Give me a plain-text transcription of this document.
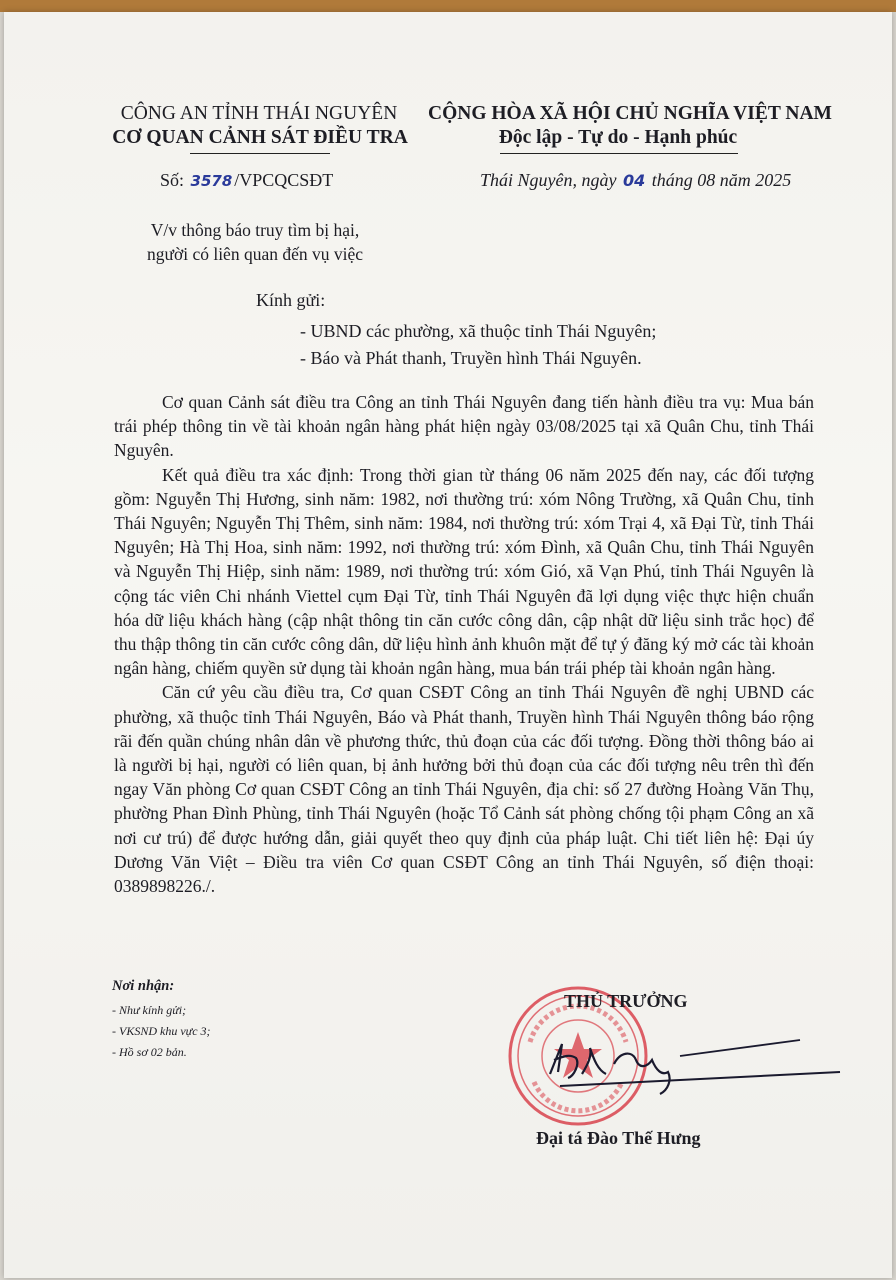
CÔNG AN TỈNH THÁI NGUYÊN
CƠ QUAN CẢNH SÁT ĐIỀU TRA
CỘNG HÒA XÃ HỘI CHỦ NGHĨA VIỆT NAM
Độc lập - Tự do - Hạnh phúc
Số: 3578 /VPCQCSĐT	Thái Nguyên, ngày 04 tháng 08 năm 2025
V/v thông báo truy tìm bị hại,
người có liên quan đến vụ việc
Kính gửi:
- UBND các phường, xã thuộc tỉnh Thái Nguyên;
- Báo và Phát thanh, Truyền hình Thái Nguyên.

Cơ quan Cảnh sát điều tra Công an tỉnh Thái Nguyên đang tiến hành điều tra vụ: Mua bán trái phép thông tin về tài khoản ngân hàng phát hiện ngày 03/08/2025 tại xã Quân Chu, tỉnh Thái Nguyên.

Kết quả điều tra xác định: Trong thời gian từ tháng 06 năm 2025 đến nay, các đối tượng gồm: Nguyễn Thị Hương, sinh năm: 1982, nơi thường trú: xóm Nông Trường, xã Quân Chu, tỉnh Thái Nguyên; Nguyễn Thị Thêm, sinh năm: 1984, nơi thường trú: xóm Trại 4, xã Đại Từ, tỉnh Thái Nguyên; Hà Thị Hoa, sinh năm: 1992, nơi thường trú: xóm Đình, xã Quân Chu, tỉnh Thái Nguyên và Nguyễn Thị Hiệp, sinh năm: 1989, nơi thường trú: xóm Gió, xã Vạn Phú, tỉnh Thái Nguyên là cộng tác viên Chi nhánh Viettel cụm Đại Từ, tỉnh Thái Nguyên đã lợi dụng việc thực hiện chuẩn hóa dữ liệu khách hàng (cập nhật thông tin căn cước công dân, cập nhật dữ liệu sinh trắc học) để thu thập thông tin căn cước công dân, dữ liệu hình ảnh khuôn mặt để tự ý đăng ký mở các tài khoản ngân hàng, chiếm quyền sử dụng tài khoản ngân hàng, mua bán trái phép tài khoản ngân hàng.

Căn cứ yêu cầu điều tra, Cơ quan CSĐT Công an tỉnh Thái Nguyên đề nghị UBND các phường, xã thuộc tỉnh Thái Nguyên, Báo và Phát thanh, Truyền hình Thái Nguyên thông báo rộng rãi đến quần chúng nhân dân về phương thức, thủ đoạn của các đối tượng. Đồng thời thông báo ai là người bị hại, người có liên quan, bị ảnh hưởng bởi thủ đoạn của các đối tượng nêu trên thì đến ngay Văn phòng Cơ quan CSĐT Công an tỉnh Thái Nguyên, địa chỉ: số 27 đường Hoàng Văn Thụ, phường Phan Đình Phùng, tỉnh Thái Nguyên (hoặc Tổ Cảnh sát phòng chống tội phạm Công an xã nơi cư trú) để được hướng dẫn, giải quyết theo quy định của pháp luật. Chi tiết liên hệ: Đại úy Dương Văn Việt – Điều tra viên Cơ quan CSĐT Công an tỉnh Thái Nguyên, số điện thoại: 0389898226./.

Nơi nhận:
- Như kính gửi;
- VKSND khu vực 3;
- Hồ sơ 02 bản.
THỦ TRƯỞNG
Đại tá Đào Thế Hưng
